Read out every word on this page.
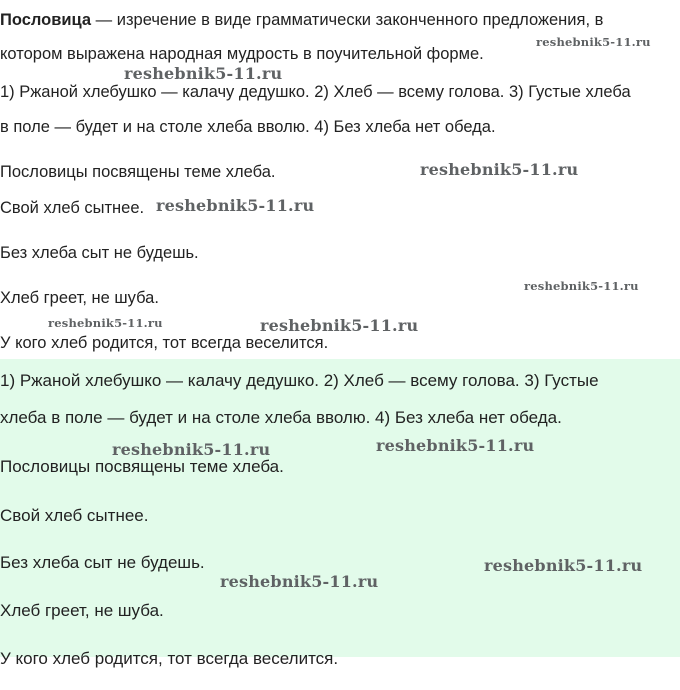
Пословица — изречение в виде грамматически законченного предложения, в
котором выражена народная мудрость в поучительной форме.
1) Ржаной хлебушко — калачу дедушко. 2) Хлеб — всему голова. 3) Густые хлеба
в поле — будет и на столе хлеба вволю. 4) Без хлеба нет обеда.
Пословицы посвящены теме хлеба.
Свой хлеб сытнее.
Без хлеба сыт не будешь.
Хлеб греет, не шуба.
У кого хлеб родится, тот всегда веселится.
1) Ржаной хлебушко — калачу дедушко. 2) Хлеб — всему голова. 3) Густые
хлеба в поле — будет и на столе хлеба вволю. 4) Без хлеба нет обеда.
Пословицы посвящены теме хлеба.
Свой хлеб сытнее.
Без хлеба сыт не будешь.
Хлеб греет, не шуба.
У кого хлеб родится, тот всегда веселится.
reshebnik5-11.ru
reshebnik5-11.ru
reshebnik5-11.ru
reshebnik5-11.ru
reshebnik5-11.ru
reshebnik5-11.ru	reshebnik5-11.ru
reshebnik5-11.ru
reshebnik5-11.ru
reshebnik5-11.ru
reshebnik5-11.ru
